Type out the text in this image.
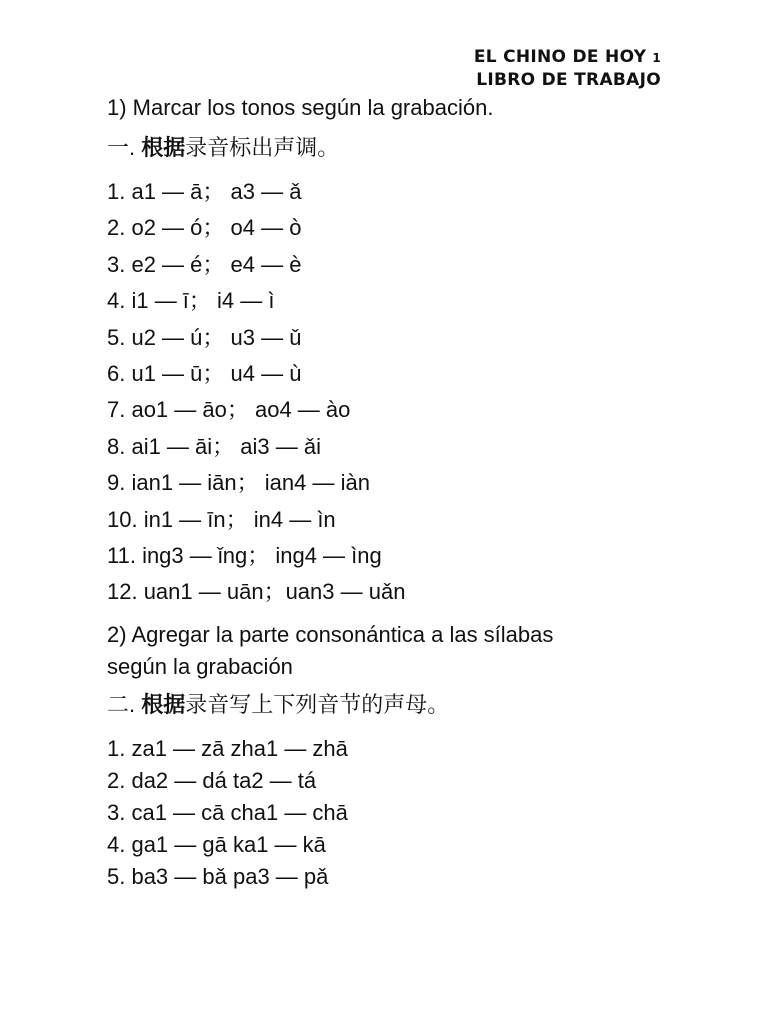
EL CHINO DE HOY 1
LIBRO DE TRABAJO

1) Marcar los tonos según la grabación.

一. 根据录音标出声调。

1. a1 — ā； a3 — ǎ

2. o2 — ó； o4 — ò

3. e2 — é； e4 — è

4. i1 — ī； i4 — ì

5. u2 — ú； u3 — ǔ

6. u1 — ū； u4 — ù

7. ao1 — āo； ao4 — ào

8. ai1 — āi； ai3 — ǎi

9. ian1 — iān； ian4 — iàn

10. in1 — īn； in4 — ìn

11. ing3 — ǐng； ing4 — ìng

12. uan1 — uān；uan3 — uǎn

2) Agregar la parte consonántica a las sílabas

según la grabación

二. 根据录音写上下列音节的声母。

1. za1 — zā zha1 — zhā

2. da2 — dá ta2 — tá

3. ca1 — cā cha1 — chā

4. ga1 — gā ka1 — kā

5. ba3 — bǎ pa3 — pǎ
